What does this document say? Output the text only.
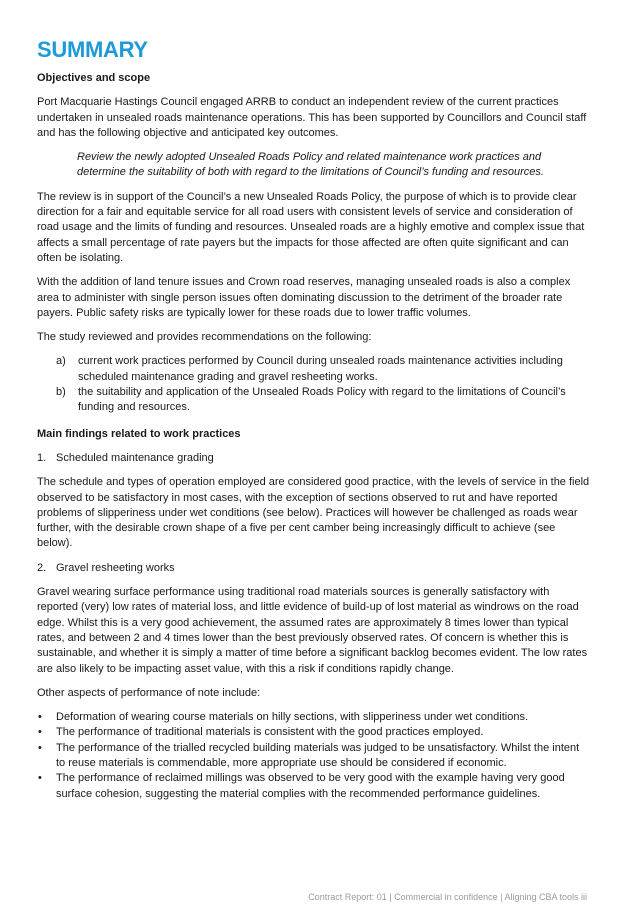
SUMMARY

Objectives and scope

Port Macquarie Hastings Council engaged ARRB to conduct an independent review of the current practices undertaken in unsealed roads maintenance operations. This has been supported by Councillors and Council staff and has the following objective and anticipated key outcomes.

Review the newly adopted Unsealed Roads Policy and related maintenance work practices and determine the suitability of both with regard to the limitations of Council’s funding and resources.

The review is in support of the Council’s a new Unsealed Roads Policy, the purpose of which is to provide clear direction for a fair and equitable service for all road users with consistent levels of service and consideration of road usage and the limits of funding and resources. Unsealed roads are a highly emotive and complex issue that affects a small percentage of rate payers but the impacts for those affected are often quite significant and can often be isolating.

With the addition of land tenure issues and Crown road reserves, managing unsealed roads is also a complex area to administer with single person issues often dominating discussion to the detriment of the broader rate payers. Public safety risks are typically lower for these roads due to lower traffic volumes.

The study reviewed and provides recommendations on the following:

a) current work practices performed by Council during unsealed roads maintenance activities including scheduled maintenance grading and gravel resheeting works.
b) the suitability and application of the Unsealed Roads Policy with regard to the limitations of Council’s funding and resources.

Main findings related to work practices

1. Scheduled maintenance grading

The schedule and types of operation employed are considered good practice, with the levels of service in the field observed to be satisfactory in most cases, with the exception of sections observed to rut and have reported problems of slipperiness under wet conditions (see below). Practices will however be challenged as roads wear further, with the desirable crown shape of a five per cent camber being increasingly difficult to achieve (see below).

2. Gravel resheeting works

Gravel wearing surface performance using traditional road materials sources is generally satisfactory with reported (very) low rates of material loss, and little evidence of build-up of lost material as windrows on the road edge. Whilst this is a very good achievement, the assumed rates are approximately 8 times lower than typical rates, and between 2 and 4 times lower than the best previously observed rates. Of concern is whether this is sustainable, and whether it is simply a matter of time before a significant backlog becomes evident. The low rates are also likely to be impacting asset value, with this a risk if conditions rapidly change.

Other aspects of performance of note include:

• Deformation of wearing course materials on hilly sections, with slipperiness under wet conditions.
• The performance of traditional materials is consistent with the good practices employed.
• The performance of the trialled recycled building materials was judged to be unsatisfactory. Whilst the intent to reuse materials is commendable, more appropriate use should be considered if economic.
• The performance of reclaimed millings was observed to be very good with the example having very good surface cohesion, suggesting the material complies with the recommended performance guidelines.
Contract Report: 01 | Commercial in confidence | Aligning CBA tools iii
